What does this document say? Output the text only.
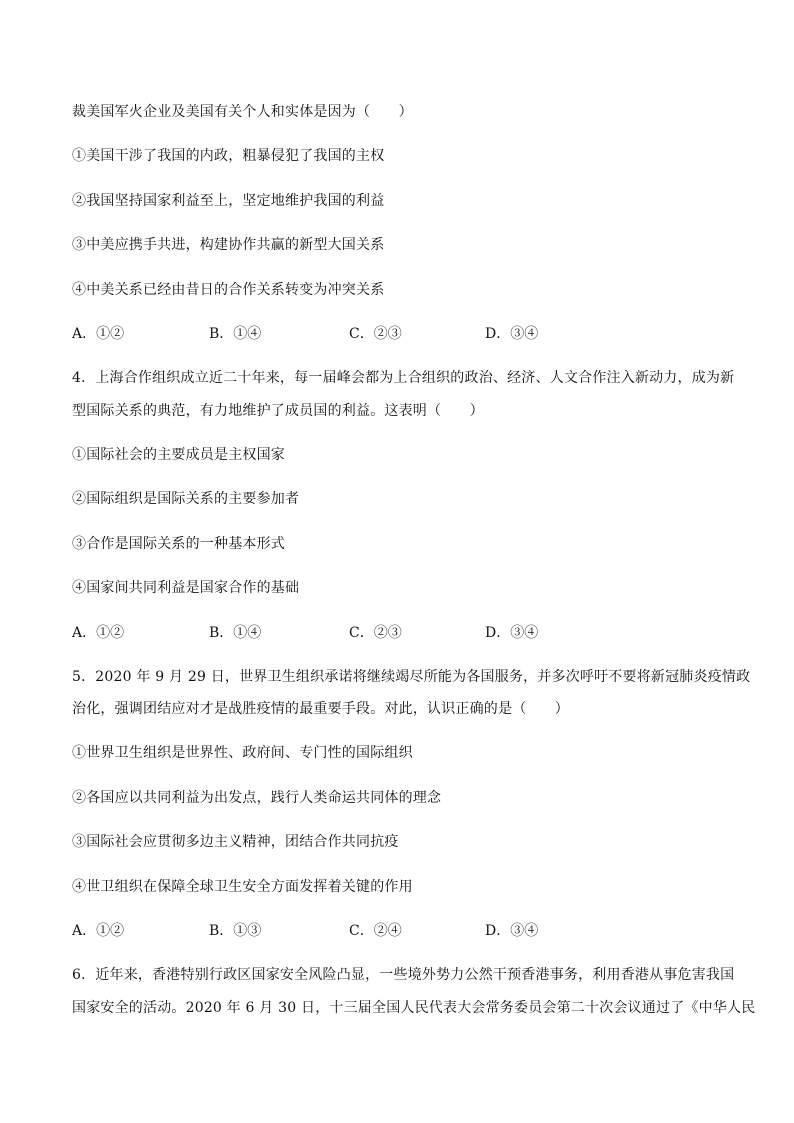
裁美国军火企业及美国有关个人和实体是因为（　　）
①美国干涉了我国的内政，粗暴侵犯了我国的主权
②我国坚持国家利益至上，坚定地维护我国的利益
③中美应携手共进，构建协作共赢的新型大国关系
④中美关系已经由昔日的合作关系转变为冲突关系
A．①②	B．①④	C．②③	D．③④
4．上海合作组织成立近二十年来，每一届峰会都为上合组织的政治、经济、人文合作注入新动力，成为新
型国际关系的典范，有力地维护了成员国的利益。这表明（　　）
①国际社会的主要成员是主权国家
②国际组织是国际关系的主要参加者
③合作是国际关系的一种基本形式
④国家间共同利益是国家合作的基础
A．①②	B．①④	C．②③	D．③④
5．2020 年 9 月 29 日，世界卫生组织承诺将继续竭尽所能为各国服务，并多次呼吁不要将新冠肺炎疫情政
治化，强调团结应对才是战胜疫情的最重要手段。对此，认识正确的是（　　）
①世界卫生组织是世界性、政府间、专门性的国际组织
②各国应以共同利益为出发点，践行人类命运共同体的理念
③国际社会应贯彻多边主义精神，团结合作共同抗疫
④世卫组织在保障全球卫生安全方面发挥着关键的作用
A．①②	B．①③	C．②④	D．③④
6．近年来，香港特别行政区国家安全风险凸显，一些境外势力公然干预香港事务，利用香港从事危害我国
国家安全的活动。2020 年 6 月 30 日，十三届全国人民代表大会常务委员会第二十次会议通过了《中华人民
